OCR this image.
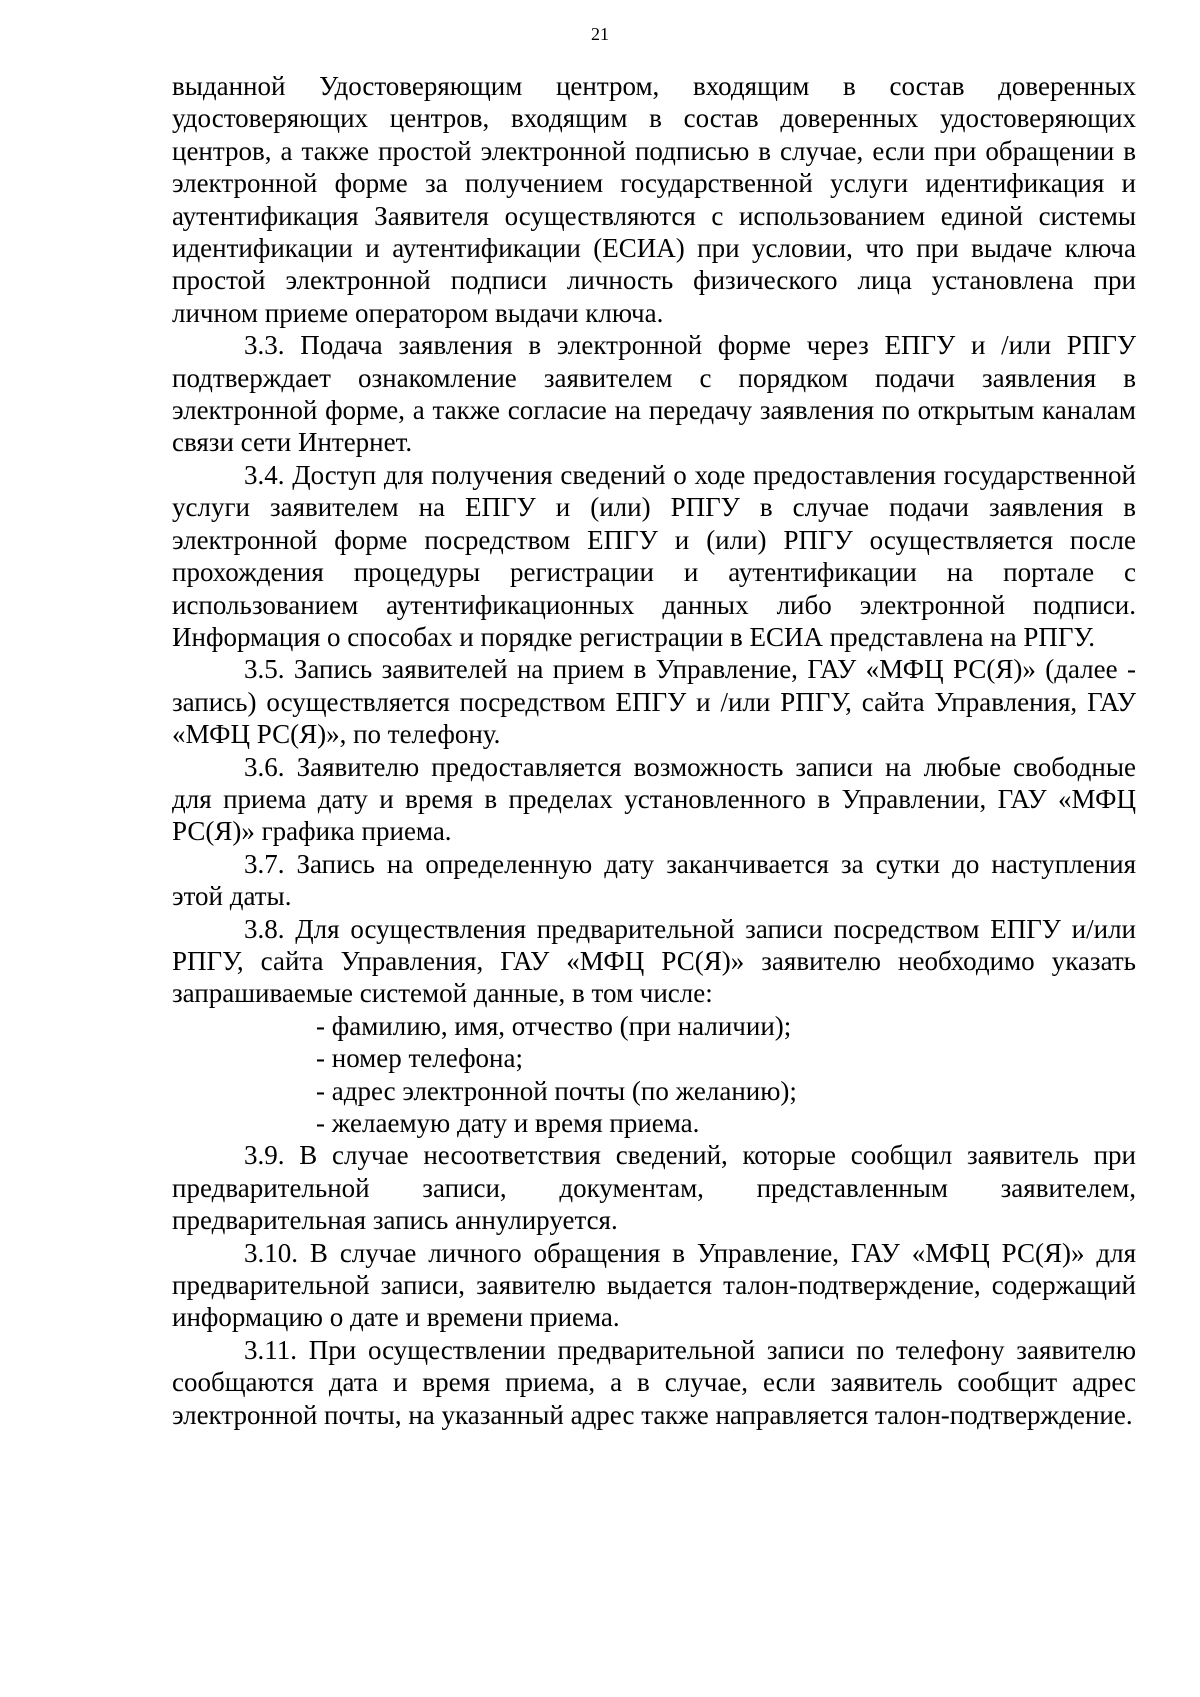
21

выданной Удостоверяющим центром, входящим в состав доверенных удостоверяющих центров, входящим в состав доверенных удостоверяющих центров, а также простой электронной подписью в случае, если при обращении в электронной форме за получением государственной услуги идентификация и аутентификация Заявителя осуществляются с использованием единой системы идентификации и аутентификации (ЕСИА) при условии, что при выдаче ключа простой электронной подписи личность физического лица установлена при личном приеме оператором выдачи ключа.

3.3. Подача заявления в электронной форме через ЕПГУ и /или РПГУ подтверждает ознакомление заявителем с порядком подачи заявления в электронной форме, а также согласие на передачу заявления по открытым каналам связи сети Интернет.

3.4. Доступ для получения сведений о ходе предоставления государственной услуги заявителем на ЕПГУ и (или) РПГУ в случае подачи заявления в электронной форме посредством ЕПГУ и (или) РПГУ осуществляется после прохождения процедуры регистрации и аутентификации на портале с использованием аутентификационных данных либо электронной подписи. Информация о способах и порядке регистрации в ЕСИА представлена на РПГУ.

3.5. Запись заявителей на прием в Управление, ГАУ «МФЦ РС(Я)» (далее - запись) осуществляется посредством ЕПГУ и /или РПГУ, сайта Управления, ГАУ «МФЦ РС(Я)», по телефону.

3.6. Заявителю предоставляется возможность записи на любые свободные для приема дату и время в пределах установленного в Управлении, ГАУ «МФЦ РС(Я)» графика приема.

3.7. Запись на определенную дату заканчивается за сутки до наступления этой даты.

3.8. Для осуществления предварительной записи посредством ЕПГУ и/или РПГУ, сайта Управления, ГАУ «МФЦ РС(Я)» заявителю необходимо указать запрашиваемые системой данные, в том числе:

- фамилию, имя, отчество (при наличии);

- номер телефона;

- адрес электронной почты (по желанию);

- желаемую дату и время приема.

3.9. В случае несоответствия сведений, которые сообщил заявитель при предварительной записи, документам, представленным заявителем, предварительная запись аннулируется.

3.10. В случае личного обращения в Управление, ГАУ «МФЦ РС(Я)» для предварительной записи, заявителю выдается талон-подтверждение, содержащий информацию о дате и времени приема.

3.11. При осуществлении предварительной записи по телефону заявителю сообщаются дата и время приема, а в случае, если заявитель сообщит адрес электронной почты, на указанный адрес также направляется талон-подтверждение.
